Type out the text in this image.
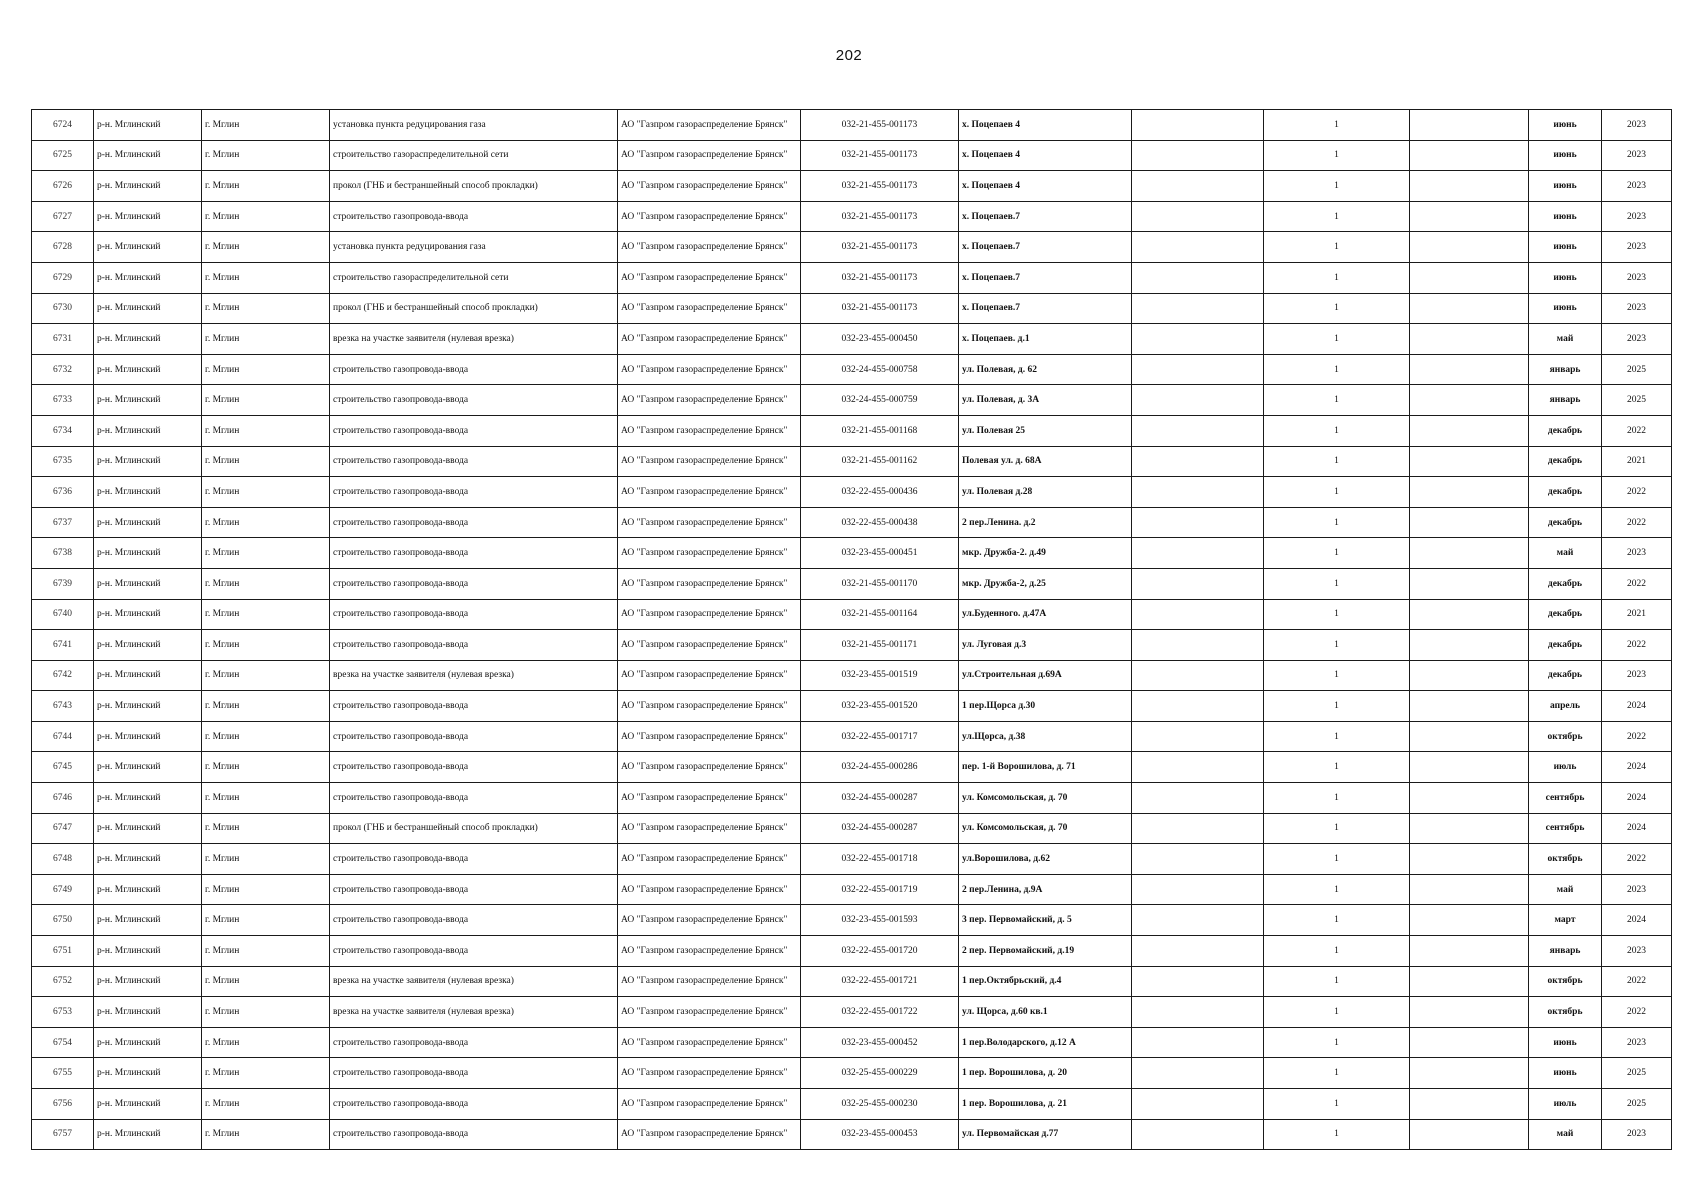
202
6724	р-н. Мглинский	г. Мглин	установка пункта редуцирования газа	АО "Газпром газораспределение Брянск"	032-21-455-001173	х. Поцепаев 4		1		июнь	2023
6725	р-н. Мглинский	г. Мглин	строительство газораспределительной сети	АО "Газпром газораспределение Брянск"	032-21-455-001173	х. Поцепаев 4		1		июнь	2023
6726	р-н. Мглинский	г. Мглин	прокол (ГНБ и бестраншейный способ прокладки)	АО "Газпром газораспределение Брянск"	032-21-455-001173	х. Поцепаев 4		1		июнь	2023
6727	р-н. Мглинский	г. Мглин	строительство газопровода-ввода	АО "Газпром газораспределение Брянск"	032-21-455-001173	х. Поцепаев.7		1		июнь	2023
6728	р-н. Мглинский	г. Мглин	установка пункта редуцирования газа	АО "Газпром газораспределение Брянск"	032-21-455-001173	х. Поцепаев.7		1		июнь	2023
6729	р-н. Мглинский	г. Мглин	строительство газораспределительной сети	АО "Газпром газораспределение Брянск"	032-21-455-001173	х. Поцепаев.7		1		июнь	2023
6730	р-н. Мглинский	г. Мглин	прокол (ГНБ и бестраншейный способ прокладки)	АО "Газпром газораспределение Брянск"	032-21-455-001173	х. Поцепаев.7		1		июнь	2023
6731	р-н. Мглинский	г. Мглин	врезка на участке заявителя (нулевая врезка)	АО "Газпром газораспределение Брянск"	032-23-455-000450	х. Поцепаев. д.1		1		май	2023
6732	р-н. Мглинский	г. Мглин	строительство газопровода-ввода	АО "Газпром газораспределение Брянск"	032-24-455-000758	ул. Полевая, д. 62		1		январь	2025
6733	р-н. Мглинский	г. Мглин	строительство газопровода-ввода	АО "Газпром газораспределение Брянск"	032-24-455-000759	ул. Полевая, д. 3А		1		январь	2025
6734	р-н. Мглинский	г. Мглин	строительство газопровода-ввода	АО "Газпром газораспределение Брянск"	032-21-455-001168	ул. Полевая 25		1		декабрь	2022
6735	р-н. Мглинский	г. Мглин	строительство газопровода-ввода	АО "Газпром газораспределение Брянск"	032-21-455-001162	Полевая ул. д. 68А		1		декабрь	2021
6736	р-н. Мглинский	г. Мглин	строительство газопровода-ввода	АО "Газпром газораспределение Брянск"	032-22-455-000436	ул. Полевая д.28		1		декабрь	2022
6737	р-н. Мглинский	г. Мглин	строительство газопровода-ввода	АО "Газпром газораспределение Брянск"	032-22-455-000438	2 пер.Ленина. д.2		1		декабрь	2022
6738	р-н. Мглинский	г. Мглин	строительство газопровода-ввода	АО "Газпром газораспределение Брянск"	032-23-455-000451	мкр. Дружба-2. д.49		1		май	2023
6739	р-н. Мглинский	г. Мглин	строительство газопровода-ввода	АО "Газпром газораспределение Брянск"	032-21-455-001170	мкр. Дружба-2, д.25		1		декабрь	2022
6740	р-н. Мглинский	г. Мглин	строительство газопровода-ввода	АО "Газпром газораспределение Брянск"	032-21-455-001164	ул.Буденного. д.47А		1		декабрь	2021
6741	р-н. Мглинский	г. Мглин	строительство газопровода-ввода	АО "Газпром газораспределение Брянск"	032-21-455-001171	ул. Луговая д.3		1		декабрь	2022
6742	р-н. Мглинский	г. Мглин	врезка на участке заявителя (нулевая врезка)	АО "Газпром газораспределение Брянск"	032-23-455-001519	ул.Строительная д.69А		1		декабрь	2023
6743	р-н. Мглинский	г. Мглин	строительство газопровода-ввода	АО "Газпром газораспределение Брянск"	032-23-455-001520	1 пер.Щорса д.30		1		апрель	2024
6744	р-н. Мглинский	г. Мглин	строительство газопровода-ввода	АО "Газпром газораспределение Брянск"	032-22-455-001717	ул.Щорса, д.38		1		октябрь	2022
6745	р-н. Мглинский	г. Мглин	строительство газопровода-ввода	АО "Газпром газораспределение Брянск"	032-24-455-000286	пер. 1-й Ворошилова, д. 71		1		июль	2024
6746	р-н. Мглинский	г. Мглин	строительство газопровода-ввода	АО "Газпром газораспределение Брянск"	032-24-455-000287	ул. Комсомольская, д. 70		1		сентябрь	2024
6747	р-н. Мглинский	г. Мглин	прокол (ГНБ и бестраншейный способ прокладки)	АО "Газпром газораспределение Брянск"	032-24-455-000287	ул. Комсомольская, д. 70		1		сентябрь	2024
6748	р-н. Мглинский	г. Мглин	строительство газопровода-ввода	АО "Газпром газораспределение Брянск"	032-22-455-001718	ул.Ворошилова, д.62		1		октябрь	2022
6749	р-н. Мглинский	г. Мглин	строительство газопровода-ввода	АО "Газпром газораспределение Брянск"	032-22-455-001719	2 пер.Ленина, д.9А		1		май	2023
6750	р-н. Мглинский	г. Мглин	строительство газопровода-ввода	АО "Газпром газораспределение Брянск"	032-23-455-001593	3 пер. Первомайский, д. 5		1		март	2024
6751	р-н. Мглинский	г. Мглин	строительство газопровода-ввода	АО "Газпром газораспределение Брянск"	032-22-455-001720	2 пер. Первомайский, д.19		1		январь	2023
6752	р-н. Мглинский	г. Мглин	врезка на участке заявителя (нулевая врезка)	АО "Газпром газораспределение Брянск"	032-22-455-001721	1 пер.Октябрьский, д.4		1		октябрь	2022
6753	р-н. Мглинский	г. Мглин	врезка на участке заявителя (нулевая врезка)	АО "Газпром газораспределение Брянск"	032-22-455-001722	ул. Щорса, д.60 кв.1		1		октябрь	2022
6754	р-н. Мглинский	г. Мглин	строительство газопровода-ввода	АО "Газпром газораспределение Брянск"	032-23-455-000452	1 пер.Володарского, д.12 А		1		июнь	2023
6755	р-н. Мглинский	г. Мглин	строительство газопровода-ввода	АО "Газпром газораспределение Брянск"	032-25-455-000229	1 пер. Ворошилова, д. 20		1		июнь	2025
6756	р-н. Мглинский	г. Мглин	строительство газопровода-ввода	АО "Газпром газораспределение Брянск"	032-25-455-000230	1 пер. Ворошилова, д. 21		1		июль	2025
6757	р-н. Мглинский	г. Мглин	строительство газопровода-ввода	АО "Газпром газораспределение Брянск"	032-23-455-000453	ул. Первомайская д.77		1		май	2023
